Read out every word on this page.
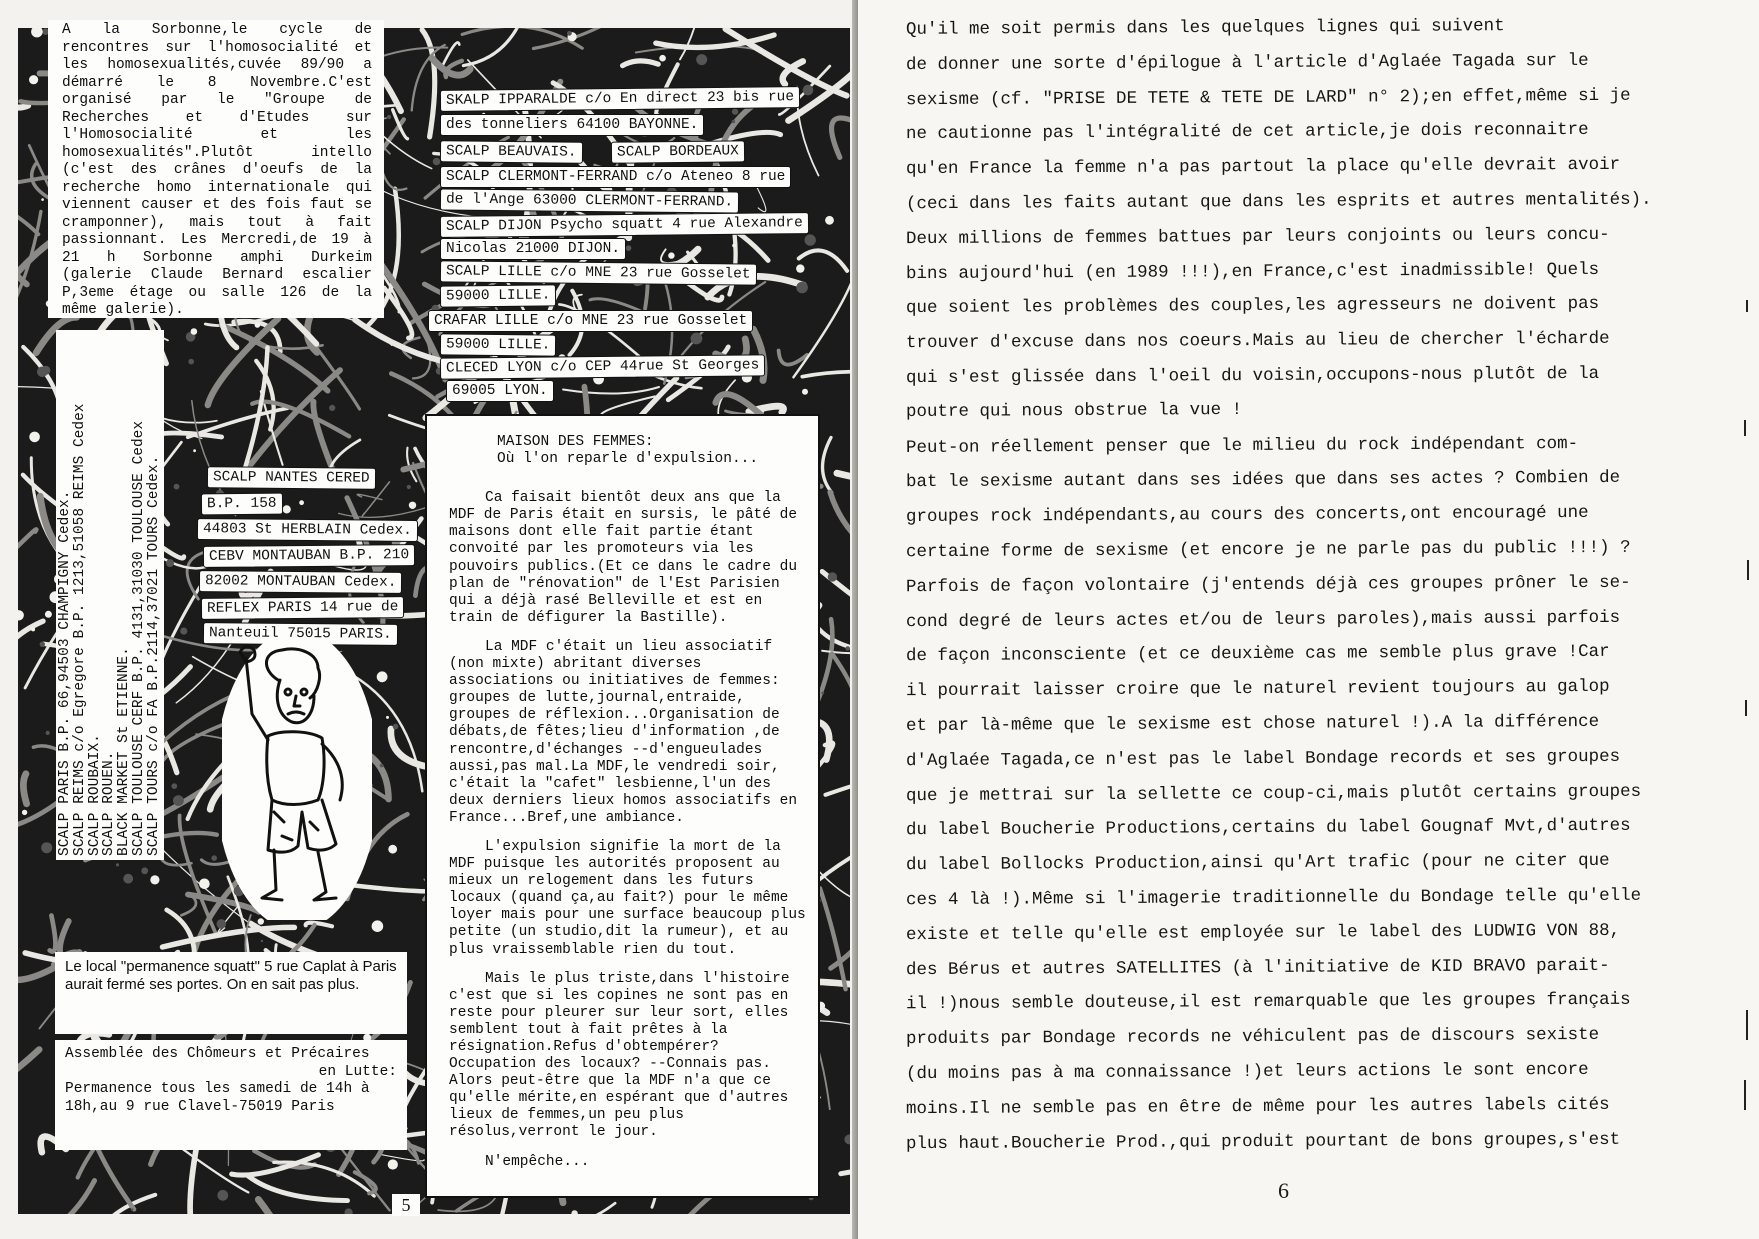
A la Sorbonne,le cycle de rencontres sur l'homosocialité et les homosexualités,cuvée 89/90 a démarré le 8 Novembre.C'est organisé par le "Groupe de Recherches et d'Etudes sur l'Homosocialité et les homosexualités".Plutôt intello (c'est des crânes d'oeufs de la recherche homo internationale qui viennent causer et des fois faut se cramponner), mais tout à fait passionnant. Les Mercredi,de 19 à 21 h Sorbonne amphi Durkeim (galerie Claude Bernard escalier P,3eme étage ou salle 126 de la même galerie).
SKALP IPPARALDE c/o En direct 23 bis rue
des tonneliers 64100 BAYONNE.
SCALP BEAUVAIS.	SCALP BORDEAUX
SCALP CLERMONT-FERRAND c/o Ateneo 8 rue
de l'Ange 63000 CLERMONT-FERRAND.
SCALP DIJON Psycho squatt 4 rue Alexandre
Nicolas 21000 DIJON.
SCALP LILLE c/o MNE 23 rue Gosselet
59000 LILLE.
CRAFAR LILLE c/o MNE 23 rue Gosselet
59000 LILLE.
CLECED LYON c/o CEP 44rue St Georges
69005 LYON.
SCALP NANTES CERED
B.P. 158
44803 St HERBLAIN Cedex.
CEBV MONTAUBAN B.P. 210
82002 MONTAUBAN Cedex.
REFLEX PARIS 14 rue de
Nanteuil 75015 PARIS.
SCALP PARIS B.P. 66,94503 CHAMPIGNY Cedex.
SCALP REIMS c/o Egregore B.P. 1213,51058 REIMS Cedex
SCALP ROUBAIX.
SCALP ROUEN.
BLACK MARKET St ETIENNE.
SCALP TOULOUSE CERF B.P. 4131,31030 TOULOUSE Cedex
SCALP TOURS c/o FA B.P.2114,37021 TOURS Cedex.
MAISON DES FEMMES:
Où l'on reparle d'expulsion...
Ca faisait bientôt deux ans que la MDF de Paris était en sursis, le pâté de maisons dont elle fait partie étant convoité par les promoteurs via les pouvoirs publics.(Et ce dans le cadre du plan de "rénovation" de l'Est Parisien qui a déjà rasé Belleville et est en train de défigurer la Bastille).
La MDF c'était un lieu associatif (non mixte) abritant diverses associations ou initiatives de femmes: groupes de lutte,journal,entraide, groupes de réflexion...Organisation de débats,de fêtes;lieu d'information ,de rencontre,d'échanges --d'engueulades aussi,pas mal.La MDF,le vendredi soir, c'était la "cafet" lesbienne,l'un des deux derniers lieux homos associatifs en France...Bref,une ambiance.
L'expulsion signifie la mort de la MDF puisque les autorités proposent au mieux un relogement dans les futurs locaux (quand ça,au fait?) pour le même loyer mais pour une surface beaucoup plus petite (un studio,dit la rumeur), et au plus vraissemblable rien du tout.
Mais le plus triste,dans l'histoire c'est que si les copines ne sont pas en reste pour pleurer sur leur sort, elles semblent tout à fait prêtes à la résignation.Refus d'obtempérer? Occupation des locaux? --Connais pas. Alors peut-être que la MDF n'a que ce qu'elle mérite,en espérant que d'autres lieux de femmes,un peu plus résolus,verront le jour.
N'empêche...
Le local "permanence squatt" 5 rue Caplat à Paris aurait fermé ses portes. On en sait pas plus.
Assemblée des Chômeurs et Précaires
en Lutte:
Permanence tous les samedi de 14h à 18h,au 9 rue Clavel-75019 Paris
5
Qu'il me soit permis dans les quelques lignes qui suivent
de donner une sorte d'épilogue à l'article d'Aglaée Tagada sur le
sexisme (cf. "PRISE DE TETE & TETE DE LARD" n° 2);en effet,même si je
ne cautionne pas l'intégralité de cet article,je dois reconnaitre
qu'en France la femme n'a pas partout la place qu'elle devrait avoir
(ceci dans les faits autant que dans les esprits et autres mentalités).
Deux millions de femmes battues par leurs conjoints ou leurs concu-
bins aujourd'hui (en 1989 !!!),en France,c'est inadmissible! Quels
que soient les problèmes des couples,les agresseurs ne doivent pas
trouver d'excuse dans nos coeurs.Mais au lieu de chercher l'écharde
qui s'est glissée dans l'oeil du voisin,occupons-nous plutôt de la
poutre qui nous obstrue la vue !
Peut-on réellement penser que le milieu du rock indépendant com-
bat le sexisme autant dans ses idées que dans ses actes ? Combien de
groupes rock indépendants,au cours des concerts,ont encouragé une
certaine forme de sexisme (et encore je ne parle pas du public !!!) ?
Parfois de façon volontaire (j'entends déjà ces groupes prôner le se-
cond degré de leurs actes et/ou de leurs paroles),mais aussi parfois
de façon inconsciente (et ce deuxième cas me semble plus grave !Car
il pourrait laisser croire que le naturel revient toujours au galop
et par là-même que le sexisme est chose naturel !).A la différence
d'Aglaée Tagada,ce n'est pas le label Bondage records et ses groupes
que je mettrai sur la sellette ce coup-ci,mais plutôt certains groupes
du label Boucherie Productions,certains du label Gougnaf Mvt,d'autres
du label Bollocks Production,ainsi qu'Art trafic (pour ne citer que
ces 4 là !).Même si l'imagerie traditionnelle du Bondage telle qu'elle
existe et telle qu'elle est employée sur le label des LUDWIG VON 88,
des Bérus et autres SATELLITES (à l'initiative de KID BRAVO parait-
il !)nous semble douteuse,il est remarquable que les groupes français
produits par Bondage records ne véhiculent pas de discours sexiste
(du moins pas à ma connaissance !)et leurs actions le sont encore
moins.Il ne semble pas en être de même pour les autres labels cités
plus haut.Boucherie Prod.,qui produit pourtant de bons groupes,s'est
6
